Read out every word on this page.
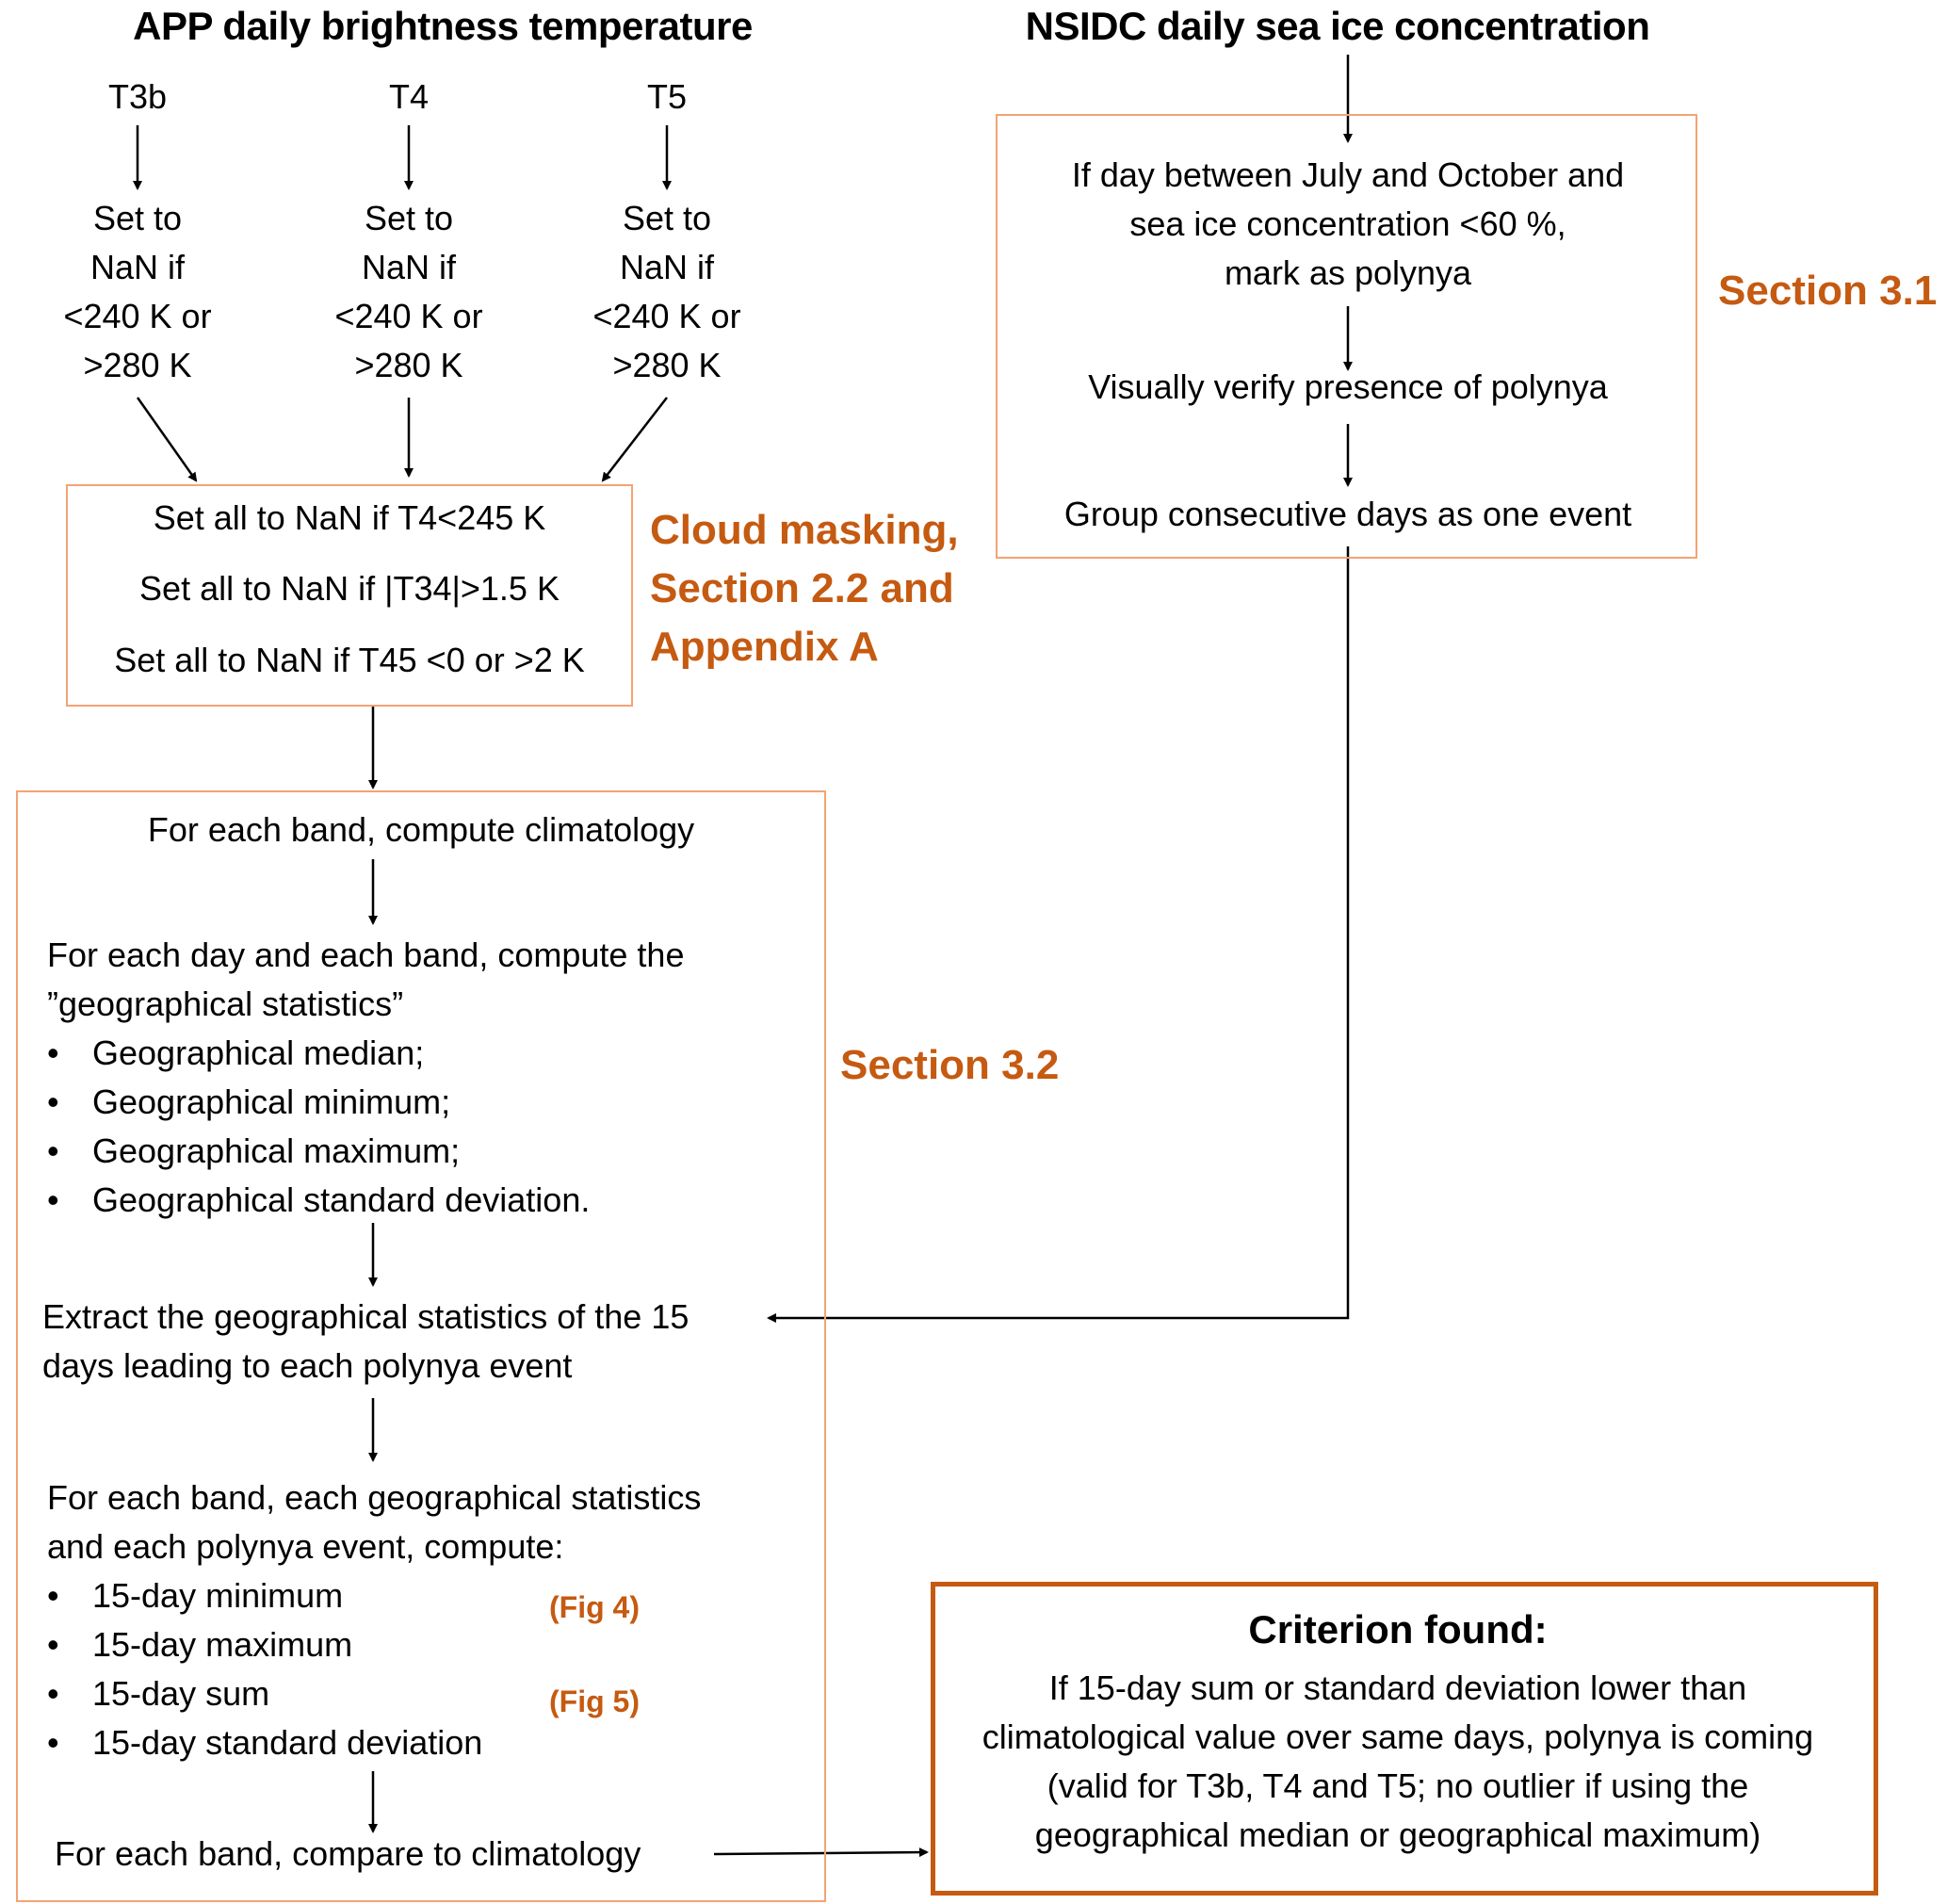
APP daily brightness temperature
T3b	T4	T5
Set to
NaN if
<240 K or
>280 K
Set to
NaN if
<240 K or
>280 K
Set to
NaN if
<240 K or
>280 K
Set all to NaN if T4<245 K
Set all to NaN if |T34|>1.5 K
Set all to NaN if T45 <0 or >2 K
Cloud masking,
Section 2.2 and
Appendix A
For each band, compute climatology
For each day and each band, compute the
”geographical statistics”
• Geographical median;
• Geographical minimum;
• Geographical maximum;
• Geographical standard deviation.
Extract the geographical statistics of the 15
days leading to each polynya event
For each band, each geographical statistics
and each polynya event, compute:
• 15-day minimum
• 15-day maximum
• 15-day sum
• 15-day standard deviation
(Fig 4)
(Fig 5)
For each band, compare to climatology
Section 3.2
NSIDC daily sea ice concentration
If day between July and October and
sea ice concentration <60 %,
mark as polynya
Visually verify presence of polynya
Group consecutive days as one event
Section 3.1
Criterion found:
If 15-day sum or standard deviation lower than
climatological value over same days, polynya is coming
(valid for T3b, T4 and T5; no outlier if using the
geographical median or geographical maximum)
